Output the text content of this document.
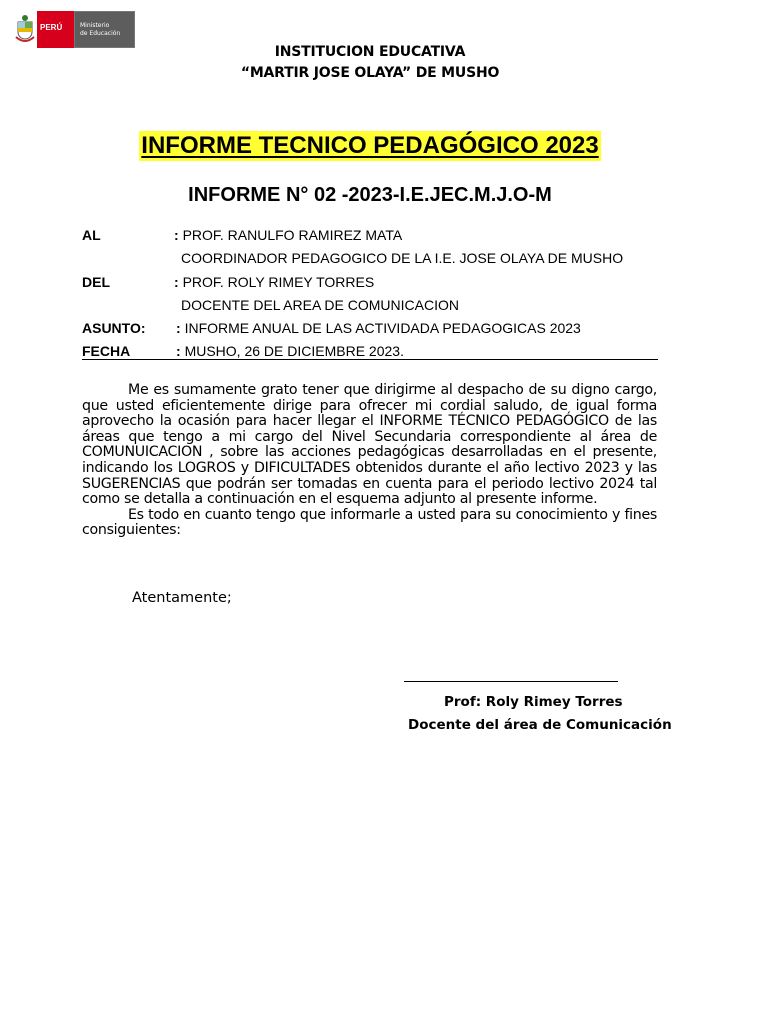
PERÚ	Ministerio
de Educación
INSTITUCION EDUCATIVA
“MARTIR JOSE OLAYA” DE MUSHO
INFORME TECNICO PEDAGÓGICO 2023
INFORME N° 02 -2023-I.E.JEC.M.J.O-M
AL	: PROF. RANULFO RAMIREZ MATA
COORDINADOR PEDAGOGICO DE LA I.E. JOSE OLAYA DE MUSHO
DEL	: PROF. ROLY RIMEY TORRES
DOCENTE DEL AREA DE COMUNICACION
ASUNTO: : INFORME ANUAL DE LAS ACTIVIDADA PEDAGOGICAS 2023
FECHA	: MUSHO, 26 DE DICIEMBRE 2023.

Me es sumamente grato tener que dirigirme al despacho de su digno cargo, que usted eficientemente dirige para ofrecer mi cordial saludo, de igual forma aprovecho la ocasión para hacer llegar el INFORME TÉCNICO PEDAGÓGICO de las áreas que tengo a mi cargo del Nivel Secundaria correspondiente al área de COMUNUICACION , sobre las acciones pedagógicas desarrolladas en el presente, indicando los LOGROS y DIFICULTADES obtenidos durante el año lectivo 2023 y las SUGERENCIAS que podrán ser tomadas en cuenta para el periodo lectivo 2024 tal como se detalla a continuación en el esquema adjunto al presente informe.

Es todo en cuanto tengo que informarle a usted para su conocimiento y fines consiguientes:

Atentamente;
Prof: Roly Rimey Torres
Docente del área de Comunicación
